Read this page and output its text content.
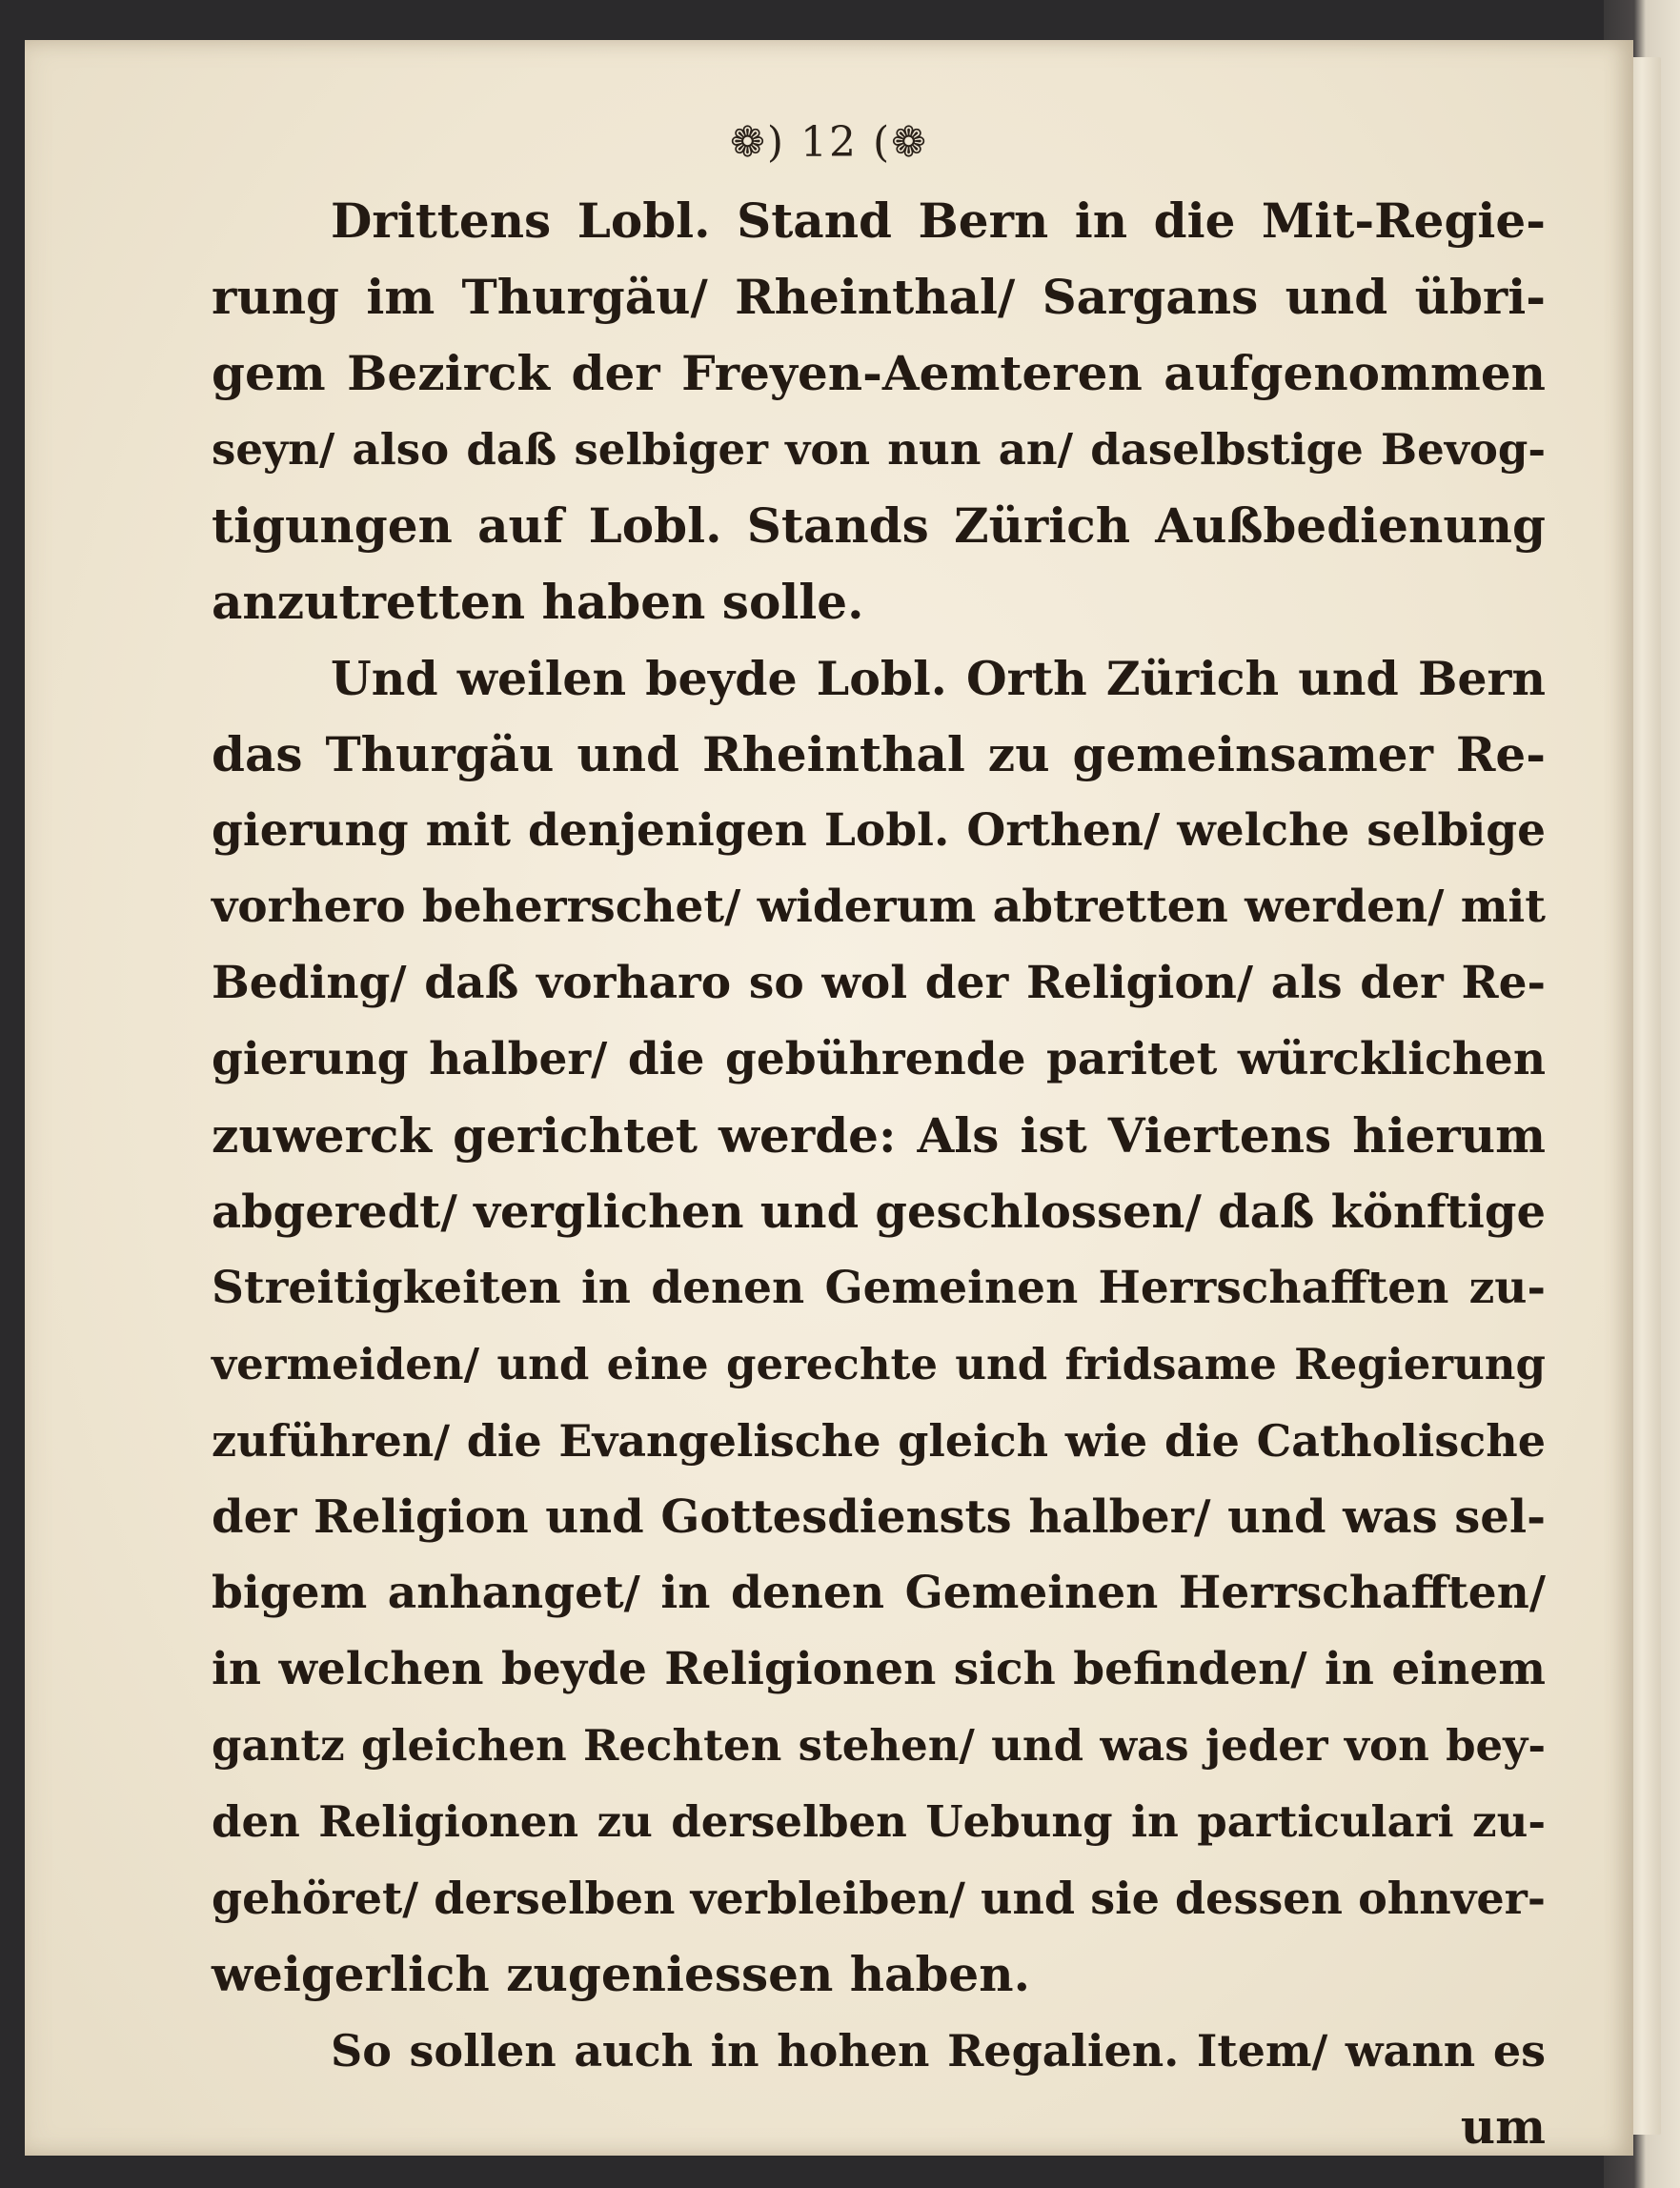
❁) 12 (❁
Drittens Lobl. Stand Bern in die Mit-Regie-
rung im Thurgäu/ Rheinthal/ Sargans und übri-
gem Bezirck der Freyen-Aemteren aufgenommen
seyn/ also daß selbiger von nun an/ daselbstige Bevog-
tigungen auf Lobl. Stands Zürich Außbedienung
anzutretten haben solle.
Und weilen beyde Lobl. Orth Zürich und Bern
das Thurgäu und Rheinthal zu gemeinsamer Re-
gierung mit denjenigen Lobl. Orthen/ welche selbige
vorhero beherrschet/ widerum abtretten werden/ mit
Beding/ daß vorharo so wol der Religion/ als der Re-
gierung halber/ die gebührende paritet würcklichen
zuwerck gerichtet werde: Als ist Viertens hierum
abgeredt/ verglichen und geschlossen/ daß könftige
Streitigkeiten in denen Gemeinen Herrschafften zu-
vermeiden/ und eine gerechte und fridsame Regierung
zuführen/ die Evangelische gleich wie die Catholische
der Religion und Gottesdiensts halber/ und was sel-
bigem anhanget/ in denen Gemeinen Herrschafften/
in welchen beyde Religionen sich befinden/ in einem
gantz gleichen Rechten stehen/ und was jeder von bey-
den Religionen zu derselben Uebung in particulari zu-
gehöret/ derselben verbleiben/ und sie dessen ohnver-
weigerlich zugeniessen haben.
So sollen auch in hohen Regalien. Item/ wann es
um
